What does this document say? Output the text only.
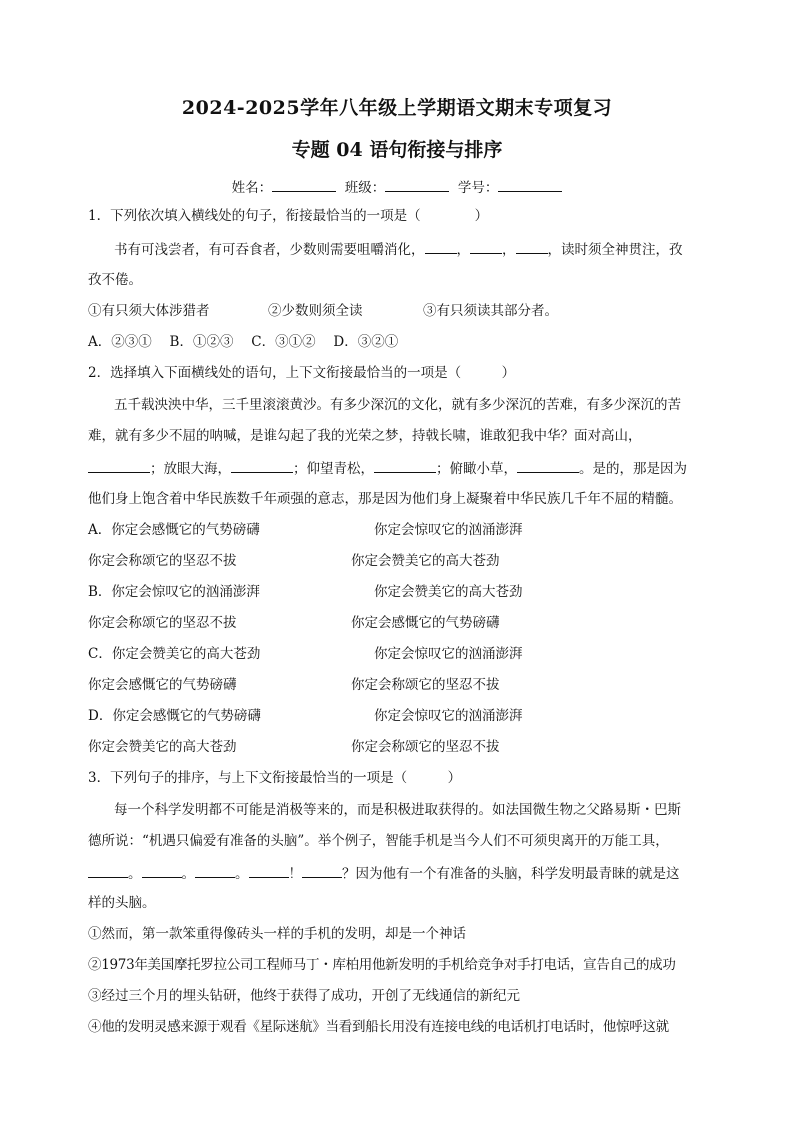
2024-2025学年八年级上学期语文期末专项复习
专题 04 语句衔接与排序
姓名：	班级：	学号：
1．下列依次填入横线处的句子，衔接最恰当的一项是（　　　　）
书有可浅尝者，有可吞食者，少数则需要咀嚼消化， ， ， ，读时须全神贯注，孜
孜不倦。
①有只须大体涉猎者	②少数则须全读	③有只须读其部分者。
A．②③①　 B．①②③　 C．③①②　 D．③②①
2．选择填入下面横线处的语句，上下文衔接最恰当的一项是（　　　）
五千载泱泱中华，三千里滚滚黄沙。有多少深沉的文化，就有多少深沉的苦难，有多少深沉的苦
难，就有多少不屈的呐喊，是谁勾起了我的光荣之梦，持戟长啸，谁敢犯我中华？面对高山，
；放眼大海，	；仰望青松，	；俯瞰小草，	。是的，那是因为
他们身上饱含着中华民族数千年顽强的意志，那是因为他们身上凝聚着中华民族几千年不屈的精髓。
A．你定会感慨它的气势磅礴	你定会惊叹它的汹涌澎湃
你定会称颂它的坚忍不拔	你定会赞美它的高大苍劲
B．你定会惊叹它的汹涌澎湃	你定会赞美它的高大苍劲
你定会称颂它的坚忍不拔	你定会感慨它的气势磅礴
C．你定会赞美它的高大苍劲	你定会惊叹它的汹涌澎湃
你定会感慨它的气势磅礴	你定会称颂它的坚忍不拔
D．你定会感慨它的气势磅礴	你定会惊叹它的汹涌澎湃
你定会赞美它的高大苍劲	你定会称颂它的坚忍不拔
3．下列句子的排序，与上下文衔接最恰当的一项是（　　　）
每一个科学发明都不可能是消极等来的，而是积极进取获得的。如法国微生物之父路易斯・巴斯
德所说：“机遇只偏爱有准备的头脑”。举个例子，智能手机是当今人们不可须臾离开的万能工具，
。	。	。	！	？因为他有一个有准备的头脑，科学发明最青睐的就是这
样的头脑。
①然而，第一款笨重得像砖头一样的手机的发明，却是一个神话
②1973年美国摩托罗拉公司工程师马丁・库柏用他新发明的手机给竞争对手打电话，宣告自己的成功
③经过三个月的埋头钻研，他终于获得了成功，开创了无线通信的新纪元
④他的发明灵感来源于观看《星际迷航》当看到船长用没有连接电线的电话机打电话时，他惊呼这就
